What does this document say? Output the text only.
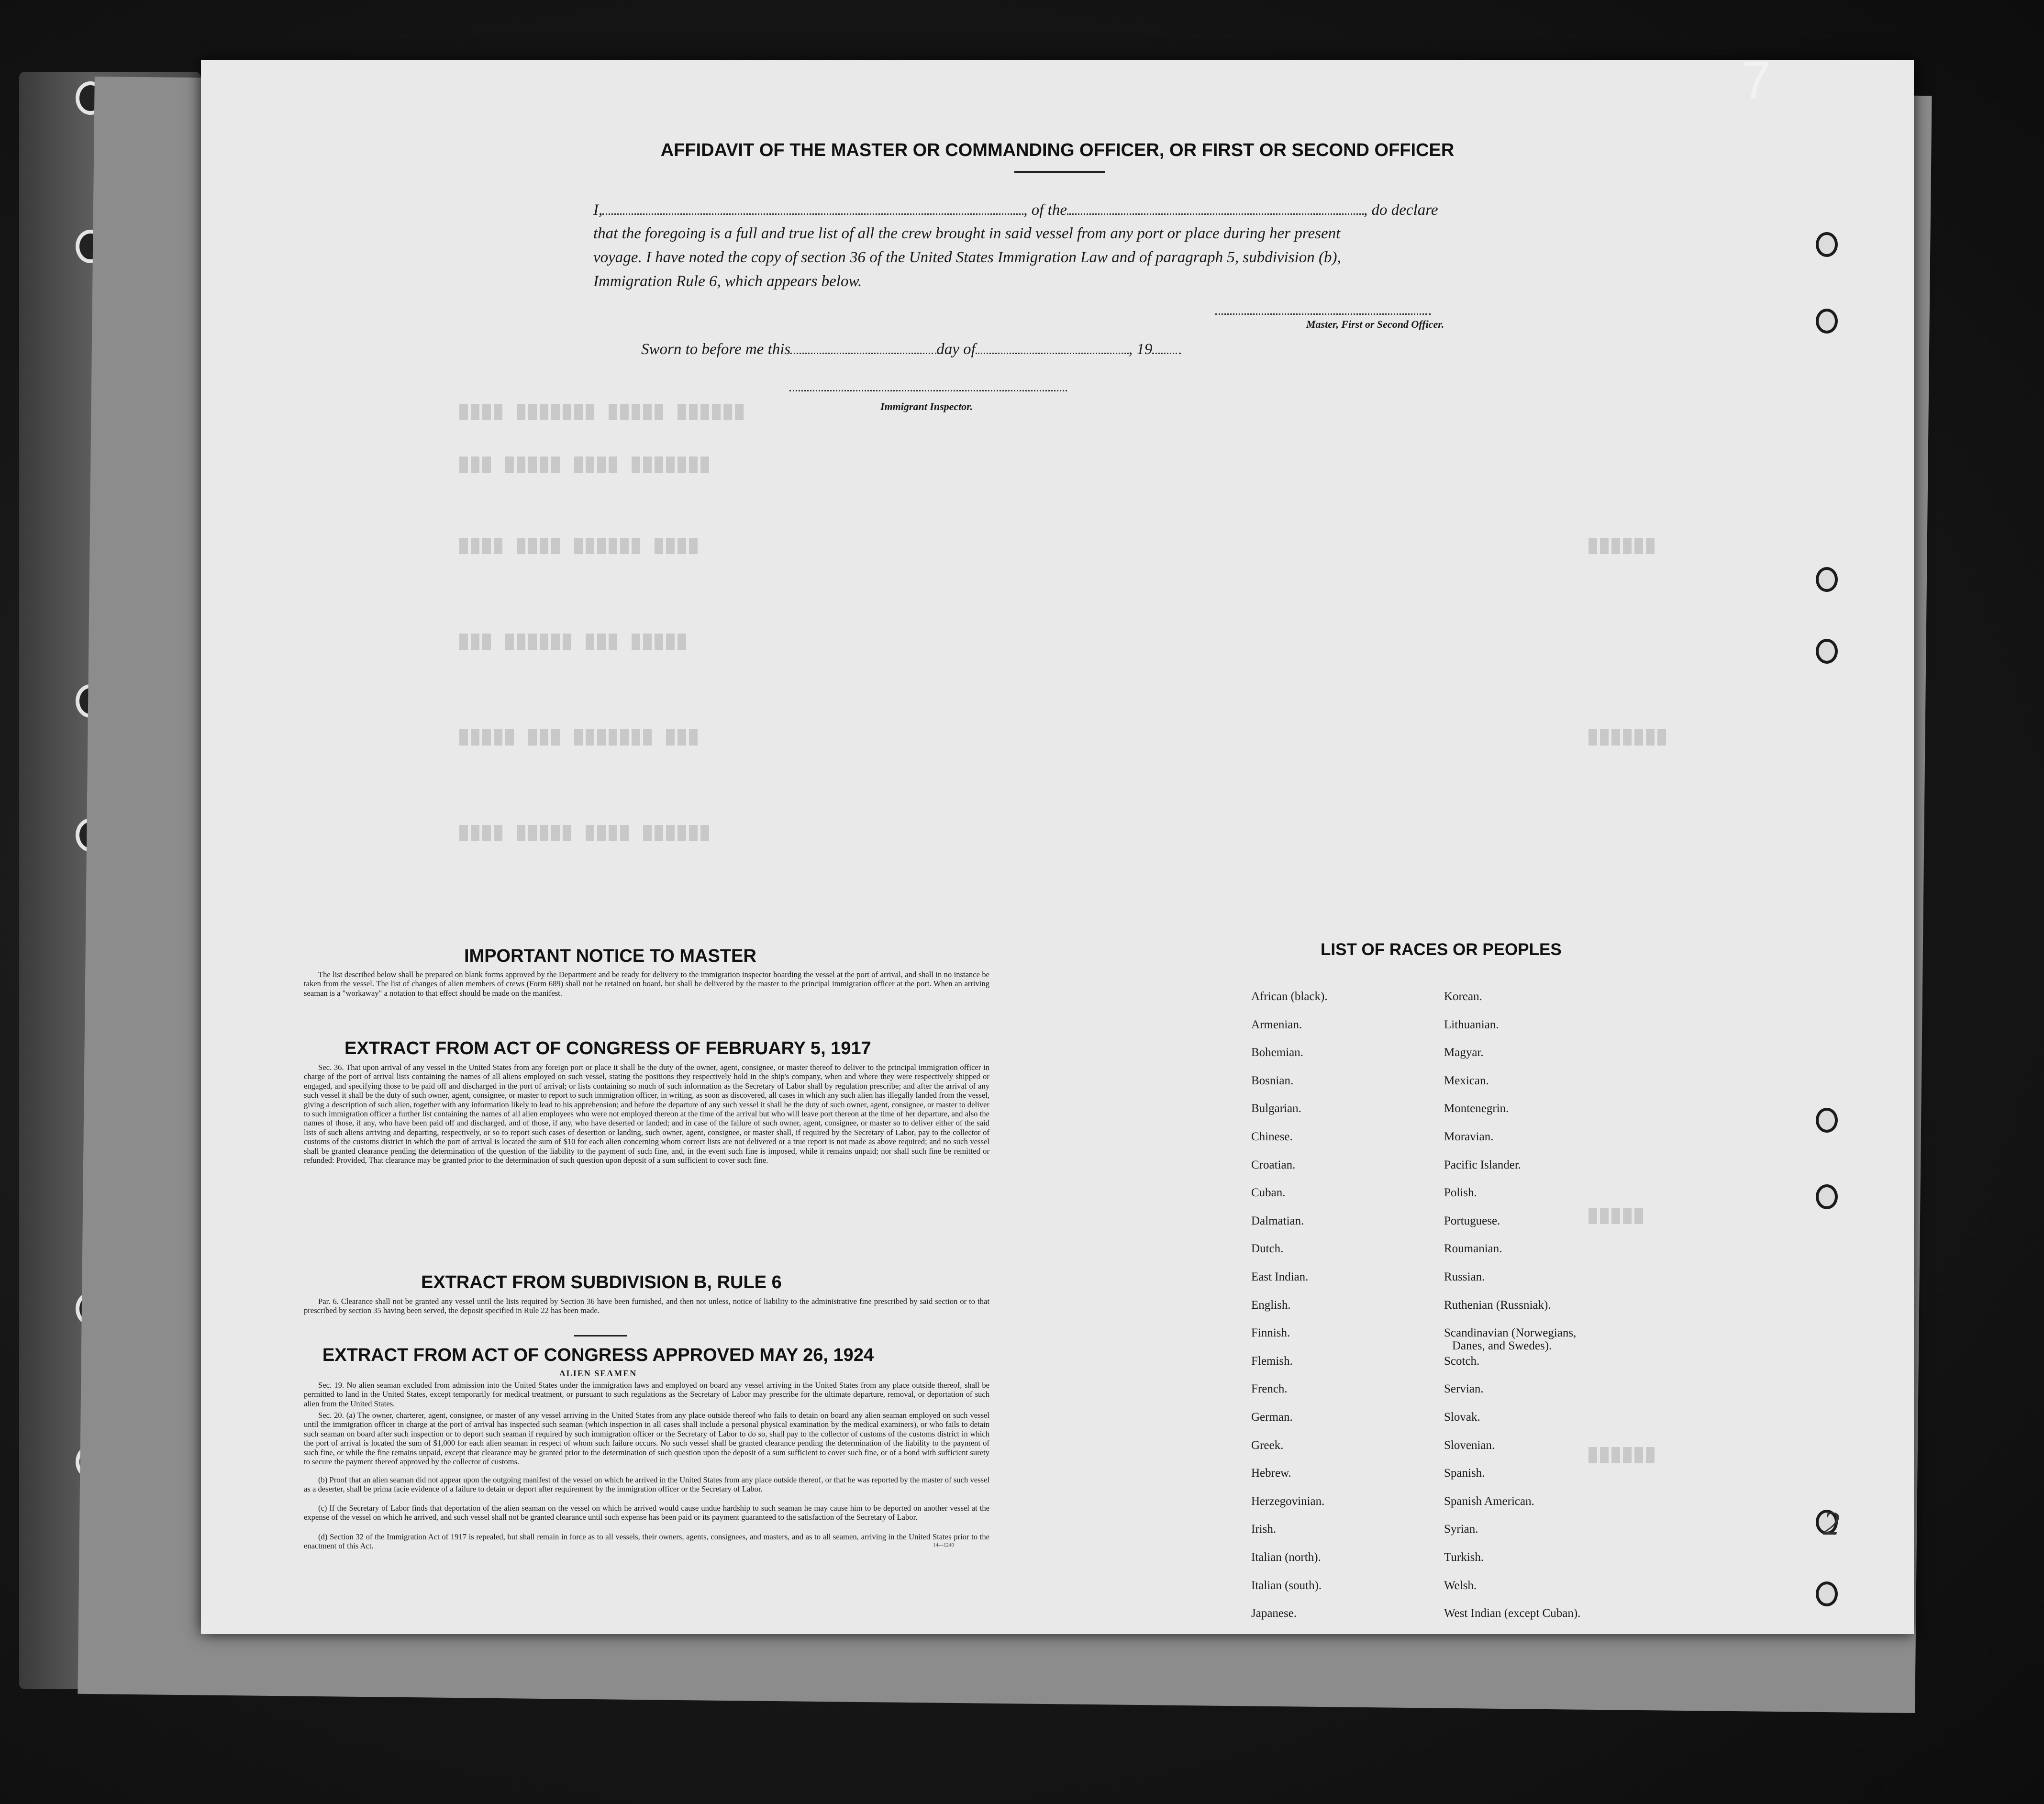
████ ███████ █████ ██████
███ █████ ████ ███████
████ ████ ██████ ████
███ ██████ ███ █████
█████ ███ ███████ ███
████ █████ ████ ██████
██████
███████
█████
██████
7
2
AFFIDAVIT OF THE MASTER OR COMMANDING OFFICER, OR FIRST OR SECOND OFFICER
I,	, of the	, do declare
that the foregoing is a full and true list of all the crew brought in said vessel from any port or place during her present
voyage. I have noted the copy of section 36 of the United States Immigration Law and of paragraph 5, subdivision (b),
Immigration Rule 6, which appears below.
Master, First or Second Officer.
Sworn to before me this	day of	, 19
Immigrant Inspector.
IMPORTANT NOTICE TO MASTER
The list described below shall be prepared on blank forms approved by the Department and be ready for delivery to the immigration inspector boarding the vessel at the port of arrival, and shall in no instance be taken from the vessel. The list of changes of alien members of crews (Form 689) shall not be retained on board, but shall be delivered by the master to the principal immigration officer at the port. When an arriving seaman is a "workaway" a notation to that effect should be made on the manifest.
EXTRACT FROM ACT OF CONGRESS OF FEBRUARY 5, 1917
Sec. 36. That upon arrival of any vessel in the United States from any foreign port or place it shall be the duty of the owner, agent, consignee, or master thereof to deliver to the principal immigration officer in charge of the port of arrival lists containing the names of all aliens employed on such vessel, stating the positions they respectively hold in the ship's company, when and where they were respectively shipped or engaged, and specifying those to be paid off and discharged in the port of arrival; or lists containing so much of such information as the Secretary of Labor shall by regulation prescribe; and after the arrival of any such vessel it shall be the duty of such owner, agent, consignee, or master to report to such immigration officer, in writing, as soon as discovered, all cases in which any such alien has illegally landed from the vessel, giving a description of such alien, together with any information likely to lead to his apprehension; and before the departure of any such vessel it shall be the duty of such owner, agent, consignee, or master to deliver to such immigration officer a further list containing the names of all alien employees who were not employed thereon at the time of the arrival but who will leave port thereon at the time of her departure, and also the names of those, if any, who have been paid off and discharged, and of those, if any, who have deserted or landed; and in case of the failure of such owner, agent, consignee, or master so to deliver either of the said lists of such aliens arriving and departing, respectively, or so to report such cases of desertion or landing, such owner, agent, consignee, or master shall, if required by the Secretary of Labor, pay to the collector of customs of the customs district in which the port of arrival is located the sum of $10 for each alien concerning whom correct lists are not delivered or a true report is not made as above required; and no such vessel shall be granted clearance pending the determination of the question of the liability to the payment of such fine, and, in the event such fine is imposed, while it remains unpaid; nor shall such fine be remitted or refunded: Provided, That clearance may be granted prior to the determination of such question upon deposit of a sum sufficient to cover such fine.
EXTRACT FROM SUBDIVISION B, RULE 6
Par. 6. Clearance shall not be granted any vessel until the lists required by Section 36 have been furnished, and then not unless, notice of liability to the administrative fine prescribed by said section or to that prescribed by section 35 having been served, the deposit specified in Rule 22 has been made.
EXTRACT FROM ACT OF CONGRESS APPROVED MAY 26, 1924
ALIEN SEAMEN
Sec. 19. No alien seaman excluded from admission into the United States under the immigration laws and employed on board any vessel arriving in the United States from any place outside thereof, shall be permitted to land in the United States, except temporarily for medical treatment, or pursuant to such regulations as the Secretary of Labor may prescribe for the ultimate departure, removal, or deportation of such alien from the United States.
Sec. 20. (a) The owner, charterer, agent, consignee, or master of any vessel arriving in the United States from any place outside thereof who fails to detain on board any alien seaman employed on such vessel until the immigration officer in charge at the port of arrival has inspected such seaman (which inspection in all cases shall include a personal physical examination by the medical examiners), or who fails to detain such seaman on board after such inspection or to deport such seaman if required by such immigration officer or the Secretary of Labor to do so, shall pay to the collector of customs of the customs district in which the port of arrival is located the sum of $1,000 for each alien seaman in respect of whom such failure occurs. No such vessel shall be granted clearance pending the determination of the liability to the payment of such fine, or while the fine remains unpaid, except that clearance may be granted prior to the determination of such question upon the deposit of a sum sufficient to cover such fine, or of a bond with sufficient surety to secure the payment thereof approved by the collector of customs.
(b) Proof that an alien seaman did not appear upon the outgoing manifest of the vessel on which he arrived in the United States from any place outside thereof, or that he was reported by the master of such vessel as a deserter, shall be prima facie evidence of a failure to detain or deport after requirement by the immigration officer or the Secretary of Labor.
(c) If the Secretary of Labor finds that deportation of the alien seaman on the vessel on which he arrived would cause undue hardship to such seaman he may cause him to be deported on another vessel at the expense of the vessel on which he arrived, and such vessel shall not be granted clearance until such expense has been paid or its payment guaranteed to the satisfaction of the Secretary of Labor.
(d) Section 32 of the Immigration Act of 1917 is repealed, but shall remain in force as to all vessels, their owners, agents, consignees, and masters, and as to all seamen, arriving in the United States prior to the enactment of this Act.	14—1240
LIST OF RACES OR PEOPLES
African (black).
Armenian.
Bohemian.
Bosnian.
Bulgarian.
Chinese.
Croatian.
Cuban.
Dalmatian.
Dutch.
East Indian.
English.
Finnish.
Flemish.
French.
German.
Greek.
Hebrew.
Herzegovinian.
Irish.
Italian (north).
Italian (south).
Japanese.
Korean.
Lithuanian.
Magyar.
Mexican.
Montenegrin.
Moravian.
Pacific Islander.
Polish.
Portuguese.
Roumanian.
Russian.
Ruthenian (Russniak).
Scandinavian (Norwegians,
Danes, and Swedes).
Scotch.
Servian.
Slovak.
Slovenian.
Spanish.
Spanish American.
Syrian.
Turkish.
Welsh.
West Indian (except Cuban).
